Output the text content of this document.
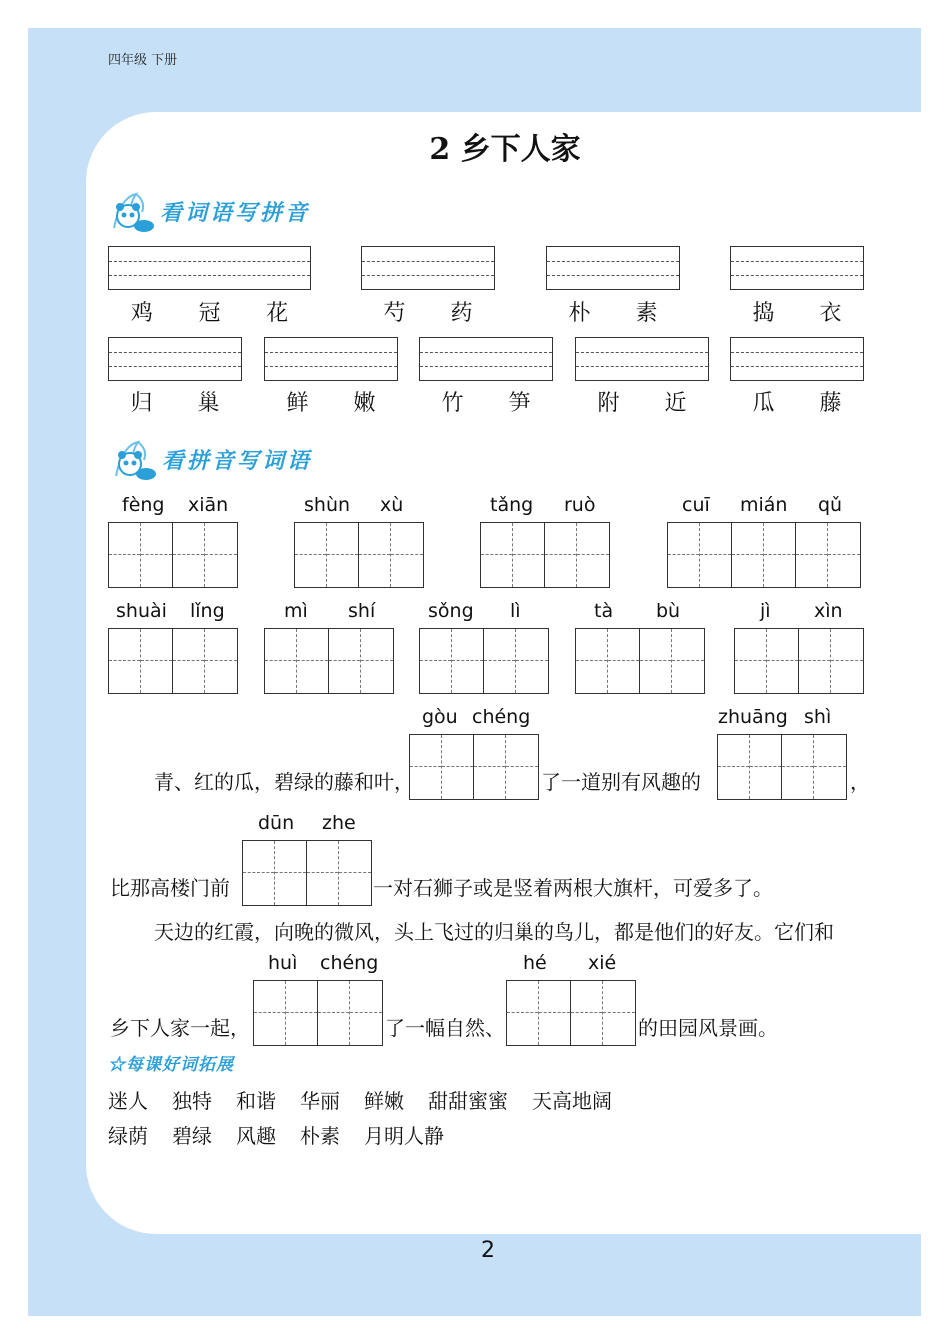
四年级 下册
2 乡下人家
看词语写拼音
鸡 冠 花	芍 药	朴 素	捣 衣
归 巢	鲜 嫩	竹 笋	附 近	瓜 藤
看拼音写词语
fèng xiān	shùn xù	tǎng ruò	cuī mián qǔ
shuài lǐng	mì shí	sǒng lì	tà bù	jì xìn
gòu chéng	zhuāng shì
青、红的瓜，碧绿的藤和叶，	了一道别有风趣的	，
dūn zhe
比那高楼门前	一对石狮子或是竖着两根大旗杆，可爱多了。
天边的红霞，向晚的微风，头上飞过的归巢的鸟儿，都是他们的好友。它们和
huì chéng	hé xié
乡下人家一起，	了一幅自然、	的田园风景画。
☆每课好词拓展
迷人 独特 和谐 华丽 鲜嫩 甜甜蜜蜜 天高地阔
绿荫 碧绿 风趣 朴素 月明人静
2
